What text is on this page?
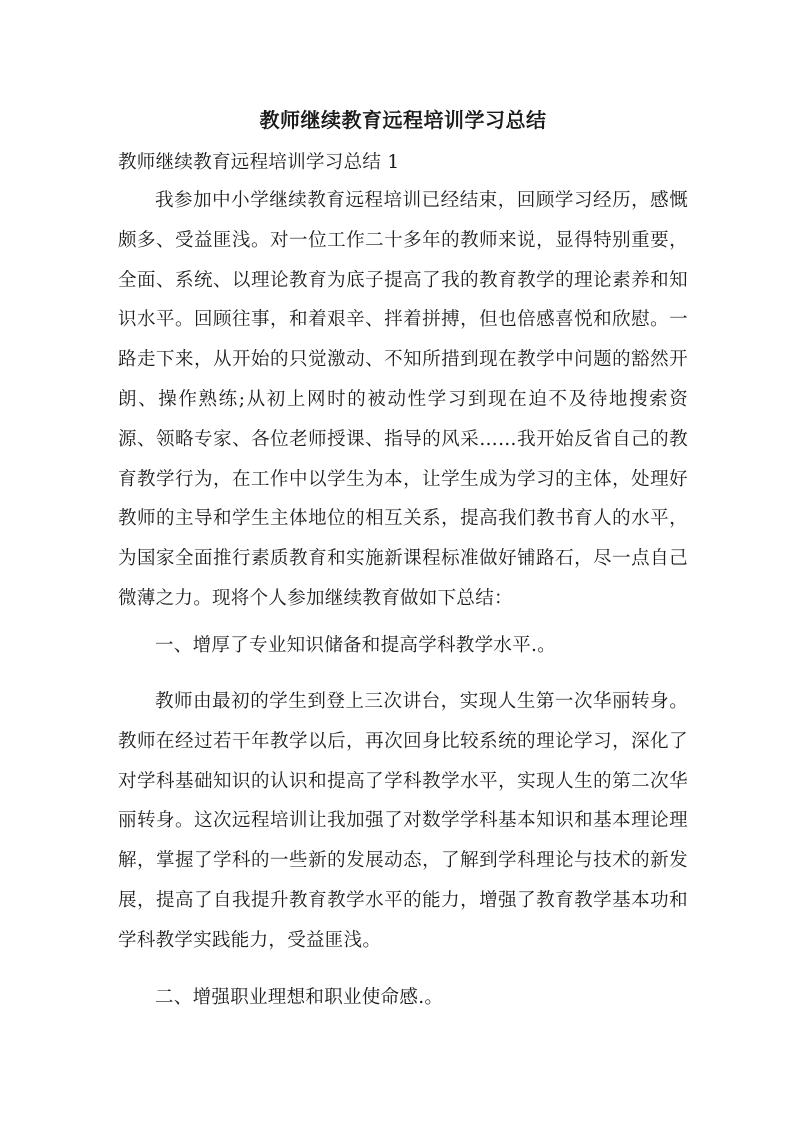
教师继续教育远程培训学习总结

教师继续教育远程培训学习总结 1

我参加中小学继续教育远程培训已经结束，回顾学习经历，感慨颇多、受益匪浅。对一位工作二十多年的教师来说，显得特别重要，全面、系统、以理论教育为底子提高了我的教育教学的理论素养和知识水平。回顾往事，和着艰辛、拌着拼搏，但也倍感喜悦和欣慰。一路走下来，从开始的只觉激动、不知所措到现在教学中问题的豁然开朗、操作熟练;从初上网时的被动性学习到现在迫不及待地搜索资源、领略专家、各位老师授课、指导的风采……我开始反省自己的教育教学行为，在工作中以学生为本，让学生成为学习的主体，处理好教师的主导和学生主体地位的相互关系，提高我们教书育人的水平，为国家全面推行素质教育和实施新课程标准做好铺路石，尽一点自己微薄之力。现将个人参加继续教育做如下总结：

一、增厚了专业知识储备和提高学科教学水平.。

教师由最初的学生到登上三次讲台，实现人生第一次华丽转身。教师在经过若干年教学以后，再次回身比较系统的理论学习，深化了对学科基础知识的认识和提高了学科教学水平，实现人生的第二次华丽转身。这次远程培训让我加强了对数学学科基本知识和基本理论理解，掌握了学科的一些新的发展动态，了解到学科理论与技术的新发展，提高了自我提升教育教学水平的能力，增强了教育教学基本功和学科教学实践能力，受益匪浅。

二、增强职业理想和职业使命感.。
